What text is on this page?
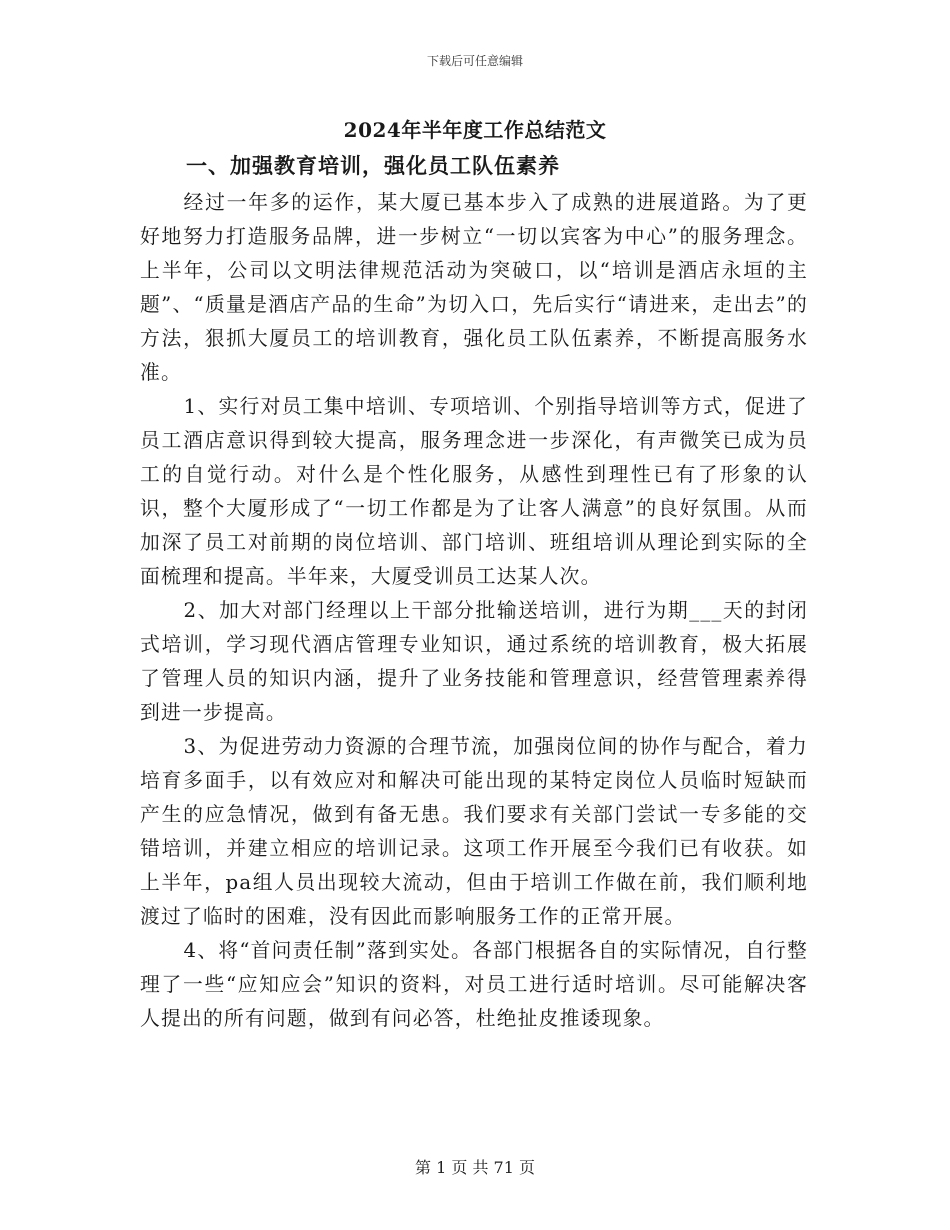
下载后可任意编辑
2024年半年度工作总结范文
一、加强教育培训，强化员工队伍素养

经过一年多的运作，某大厦已基本步入了成熟的进展道路。为了更好地努力打造服务品牌，进一步树立“一切以宾客为中心”的服务理念。上半年，公司以文明法律规范活动为突破口，以“培训是酒店永垣的主题”、“质量是酒店产品的生命”为切入口，先后实行“请进来，走出去”的方法，狠抓大厦员工的培训教育，强化员工队伍素养，不断提高服务水准。

1、实行对员工集中培训、专项培训、个别指导培训等方式，促进了员工酒店意识得到较大提高，服务理念进一步深化，有声微笑已成为员工的自觉行动。对什么是个性化服务，从感性到理性已有了形象的认识，整个大厦形成了“一切工作都是为了让客人满意”的良好氛围。从而加深了员工对前期的岗位培训、部门培训、班组培训从理论到实际的全面梳理和提高。半年来，大厦受训员工达某人次。

2、加大对部门经理以上干部分批输送培训，进行为期___天的封闭式培训，学习现代酒店管理专业知识，通过系统的培训教育，极大拓展了管理人员的知识内涵，提升了业务技能和管理意识，经营管理素养得到进一步提高。

3、为促进劳动力资源的合理节流，加强岗位间的协作与配合，着力培育多面手，以有效应对和解决可能出现的某特定岗位人员临时短缺而产生的应急情况，做到有备无患。我们要求有关部门尝试一专多能的交错培训，并建立相应的培训记录。这项工作开展至今我们已有收获。如上半年，pa组人员出现较大流动，但由于培训工作做在前，我们顺利地渡过了临时的困难，没有因此而影响服务工作的正常开展。

4、将“首问责任制”落到实处。各部门根据各自的实际情况，自行整理了一些“应知应会”知识的资料，对员工进行适时培训。尽可能解决客人提出的所有问题，做到有问必答，杜绝扯皮推诿现象。

第 1 页 共 71 页
